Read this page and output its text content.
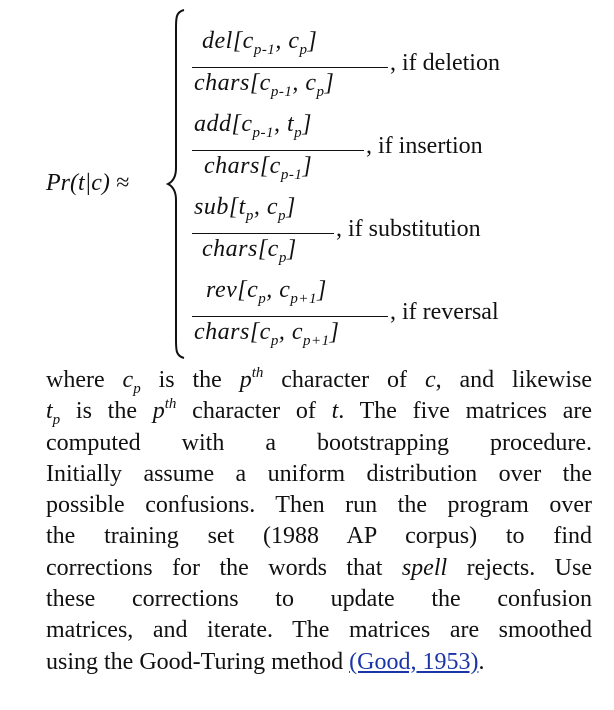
Pr(t|c) ≈
$del[c_{p-1}$, $c_p$]
$chars[c_{p-1}$, $c_p$]
, if deletion
$add[c_{p-1}$, $t_p$]
$chars[c_{p-1}]$
, if insertion
$sub[t_p$, $c_p$]
$chars[c_p]$
, if substitution
$rev[c_p$, $c_{p+1}$]
$chars[c_p$, $c_{p+1}$]
, if reversal
where $c_p$ is the $p^{th}$ character of c, and likewise
$t_p$ is the $p^{th}$ character of t. The five matrices are
computed with a bootstrapping procedure.
Initially assume a uniform distribution over the
possible confusions. Then run the program over
the training set (1988 AP corpus) to find
corrections for the words that spell rejects. Use
these corrections to update the confusion
matrices, and iterate. The matrices are smoothed
using the Good-Turing method (Good, 1953).
